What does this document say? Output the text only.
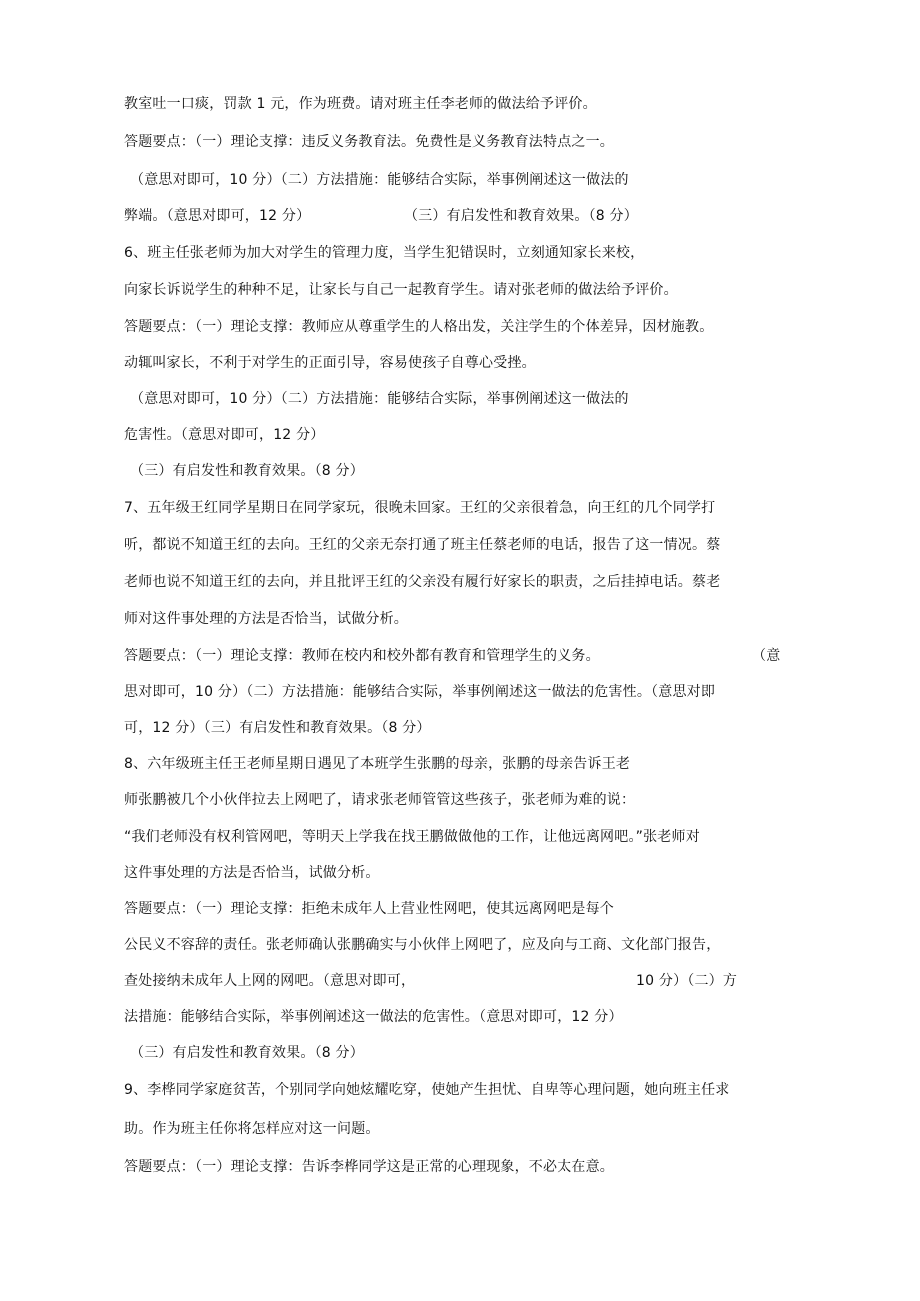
教室吐一口痰，罚款 1 元，作为班费。请对班主任李老师的做法给予评价。
答题要点：（一）理论支撑：违反义务教育法。免费性是义务教育法特点之一。
（意思对即可，10 分）（二）方法措施：能够结合实际，举事例阐述这一做法的
弊端。（意思对即可，12 分）	（三）有启发性和教育效果。（8 分）
6、班主任张老师为加大对学生的管理力度，当学生犯错误时，立刻通知家长来校，
向家长诉说学生的种种不足，让家长与自己一起教育学生。请对张老师的做法给予评价。
答题要点：（一）理论支撑：教师应从尊重学生的人格出发，关注学生的个体差异，因材施教。
动辄叫家长，不利于对学生的正面引导，容易使孩子自尊心受挫。
（意思对即可，10 分）（二）方法措施：能够结合实际，举事例阐述这一做法的
危害性。（意思对即可，12 分）
（三）有启发性和教育效果。（8 分）
7、五年级王红同学星期日在同学家玩，很晚未回家。王红的父亲很着急，向王红的几个同学打
听，都说不知道王红的去向。王红的父亲无奈打通了班主任蔡老师的电话，报告了这一情况。蔡
老师也说不知道王红的去向，并且批评王红的父亲没有履行好家长的职责，之后挂掉电话。蔡老
师对这件事处理的方法是否恰当，试做分析。
答题要点：（一）理论支撑：教师在校内和校外都有教育和管理学生的义务。	（意
思对即可，10 分）（二）方法措施：能够结合实际，举事例阐述这一做法的危害性。（意思对即
可，12 分）（三）有启发性和教育效果。（8 分）
8、六年级班主任王老师星期日遇见了本班学生张鹏的母亲，张鹏的母亲告诉王老
师张鹏被几个小伙伴拉去上网吧了，请求张老师管管这些孩子，张老师为难的说：
“我们老师没有权利管网吧，等明天上学我在找王鹏做做他的工作，让他远离网吧。”张老师对
这件事处理的方法是否恰当，试做分析。
答题要点：（一）理论支撑：拒绝未成年人上营业性网吧，使其远离网吧是每个
公民义不容辞的责任。张老师确认张鹏确实与小伙伴上网吧了，应及向与工商、文化部门报告，
查处接纳未成年人上网的网吧。（意思对即可，	10 分）（二）方
法措施：能够结合实际，举事例阐述这一做法的危害性。（意思对即可，12 分）
（三）有启发性和教育效果。（8 分）
9、李桦同学家庭贫苦，个别同学向她炫耀吃穿，使她产生担忧、自卑等心理问题，她向班主任求
助。作为班主任你将怎样应对这一问题。
答题要点：（一）理论支撑：告诉李桦同学这是正常的心理现象，不必太在意。
